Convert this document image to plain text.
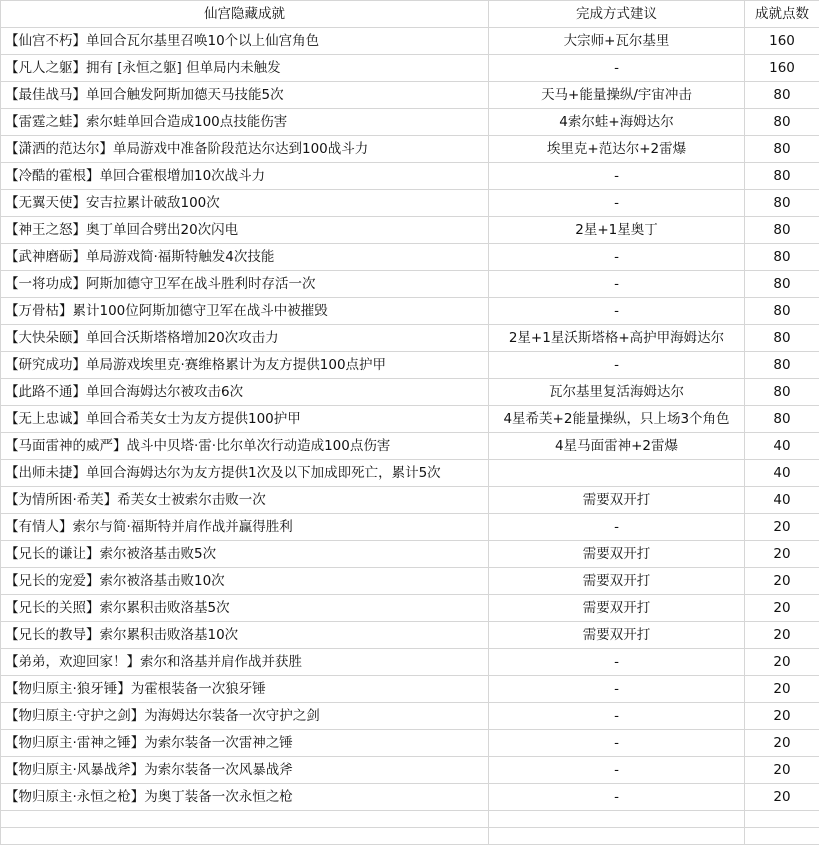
仙宫隐藏成就	完成方式建议	成就点数
【仙宫不朽】单回合瓦尔基里召唤10个以上仙宫角色	大宗师+瓦尔基里	160
【凡人之躯】拥有 [永恒之躯] 但单局内未触发	-	160
【最佳战马】单回合触发阿斯加德天马技能5次	天马+能量操纵/宇宙冲击	80
【雷霆之蛙】索尔蛙单回合造成100点技能伤害	4索尔蛙+海姆达尔	80
【潇洒的范达尔】单局游戏中准备阶段范达尔达到100战斗力	埃里克+范达尔+2雷爆	80
【冷酷的霍根】单回合霍根增加10次战斗力	-	80
【无翼天使】安吉拉累计破敌100次	-	80
【神王之怒】奥丁单回合劈出20次闪电	2星+1星奥丁	80
【武神磨砺】单局游戏简·福斯特触发4次技能	-	80
【一将功成】阿斯加德守卫军在战斗胜利时存活一次	-	80
【万骨枯】累计100位阿斯加德守卫军在战斗中被摧毁	-	80
【大快朵颐】单回合沃斯塔格增加20次攻击力	2星+1星沃斯塔格+高护甲海姆达尔	80
【研究成功】单局游戏埃里克·赛维格累计为友方提供100点护甲	-	80
【此路不通】单回合海姆达尔被攻击6次	瓦尔基里复活海姆达尔	80
【无上忠诚】单回合希芙女士为友方提供100护甲	4星希芙+2能量操纵，只上场3个角色	80
【马面雷神的威严】战斗中贝塔·雷·比尔单次行动造成100点伤害	4星马面雷神+2雷爆	40
【出师未捷】单回合海姆达尔为友方提供1次及以下加成即死亡，累计5次		40
【为情所困·希芙】希芙女士被索尔击败一次	需要双开打	40
【有情人】索尔与简·福斯特并肩作战并赢得胜利	-	20
【兄长的谦让】索尔被洛基击败5次	需要双开打	20
【兄长的宠爱】索尔被洛基击败10次	需要双开打	20
【兄长的关照】索尔累积击败洛基5次	需要双开打	20
【兄长的教导】索尔累积击败洛基10次	需要双开打	20
【弟弟，欢迎回家！】索尔和洛基并肩作战并获胜	-	20
【物归原主·狼牙锤】为霍根装备一次狼牙锤	-	20
【物归原主·守护之剑】为海姆达尔装备一次守护之剑	-	20
【物归原主·雷神之锤】为索尔装备一次雷神之锤	-	20
【物归原主·风暴战斧】为索尔装备一次风暴战斧	-	20
【物归原主·永恒之枪】为奥丁装备一次永恒之枪	-	20
